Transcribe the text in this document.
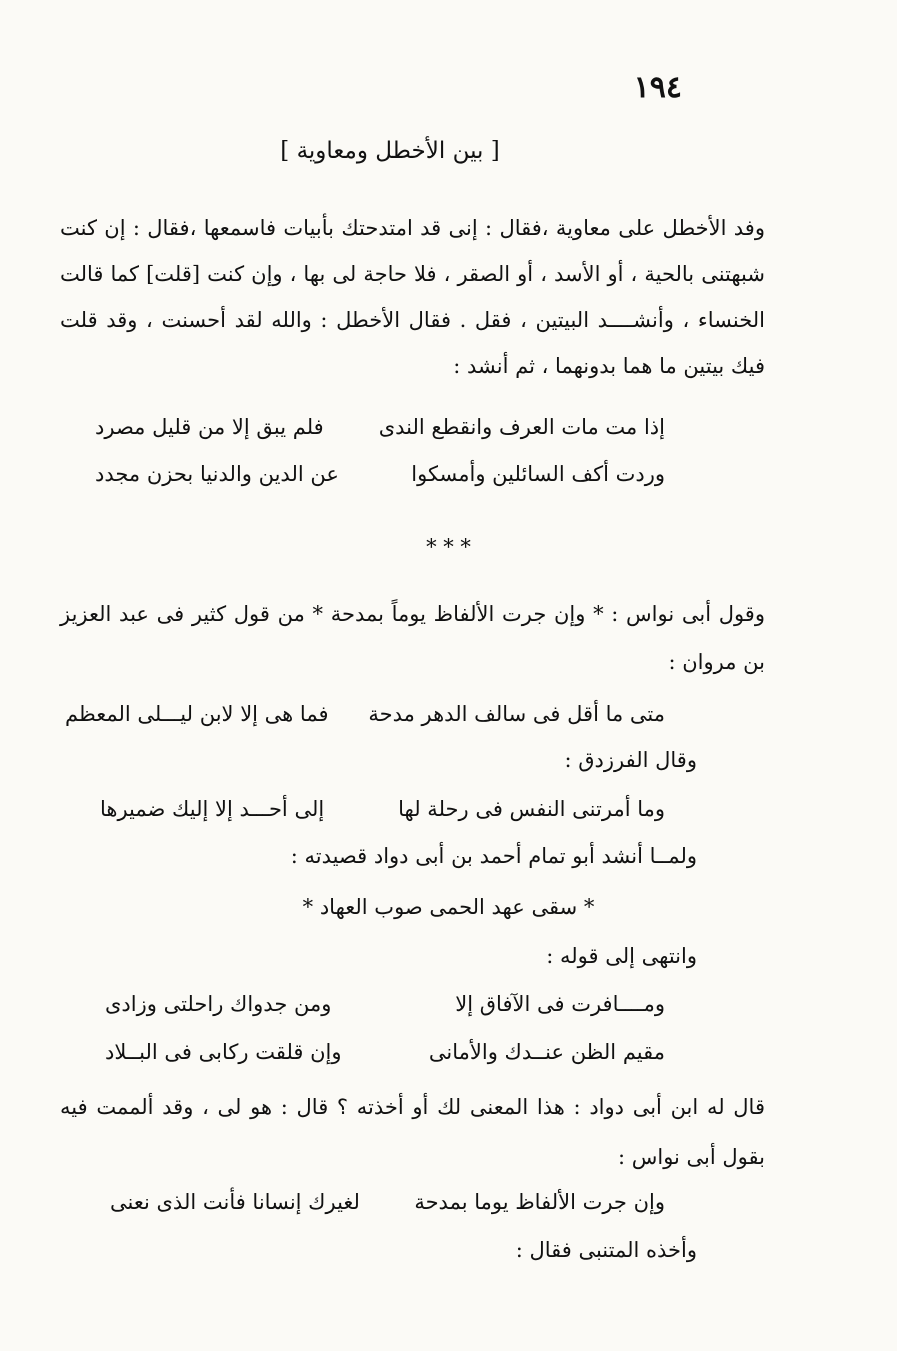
١٩٤
[ بين الأخطل ومعاوية ]
وفد الأخطل على معاوية ،فقال : إنى قد امتدحتك بأبيات فاسمعها ،فقال : إن كنت شبهتنى بالحية ، أو الأسد ، أو الصقر ، فلا حاجة لى بها ، وإن كنت [قلت] كما قالت الخنساء ، وأنشــــد البيتين ، فقل . فقال الأخطل : والله لقد أحسنت ، وقد قلت فيك بيتين ما هما بدونهما ، ثم أنشد :
إذا مت مات العرف وانقطع الندى
فلم يبق إلا من قليل مصرد
وردت أكف السائلين وأمسكوا
عن الدين والدنيا بحزن مجدد
* * *
وقول أبى نواس : * وإن جرت الألفاظ يوماً بمدحة * من قول كثير فى عبد العزيز بن مروان :
متى ما أقل فى سالف الدهر مدحة
فما هى إلا لابن ليـــلى المعظم
وقال الفرزدق :
وما أمرتنى النفس فى رحلة لها
إلى أحـــد إلا إليك ضميرها
ولمــا أنشد أبو تمام أحمد بن أبى دواد قصيدته :
* سقى عهد الحمى صوب العهاد *
وانتهى إلى قوله :
ومــــافرت فى الآفاق إلا
ومن جدواك راحلتى وزادى
مقيم الظن عنــدك والأمانى
وإن قلقت ركابى فى البــلاد
قال له ابن أبى دواد : هذا المعنى لك أو أخذته ؟ قال : هو لى ، وقد ألممت فيه بقول أبى نواس :
وإن جرت الألفاظ يوما بمدحة
لغيرك إنسانا فأنت الذى نعنى
وأخذه المتنبى فقال :
